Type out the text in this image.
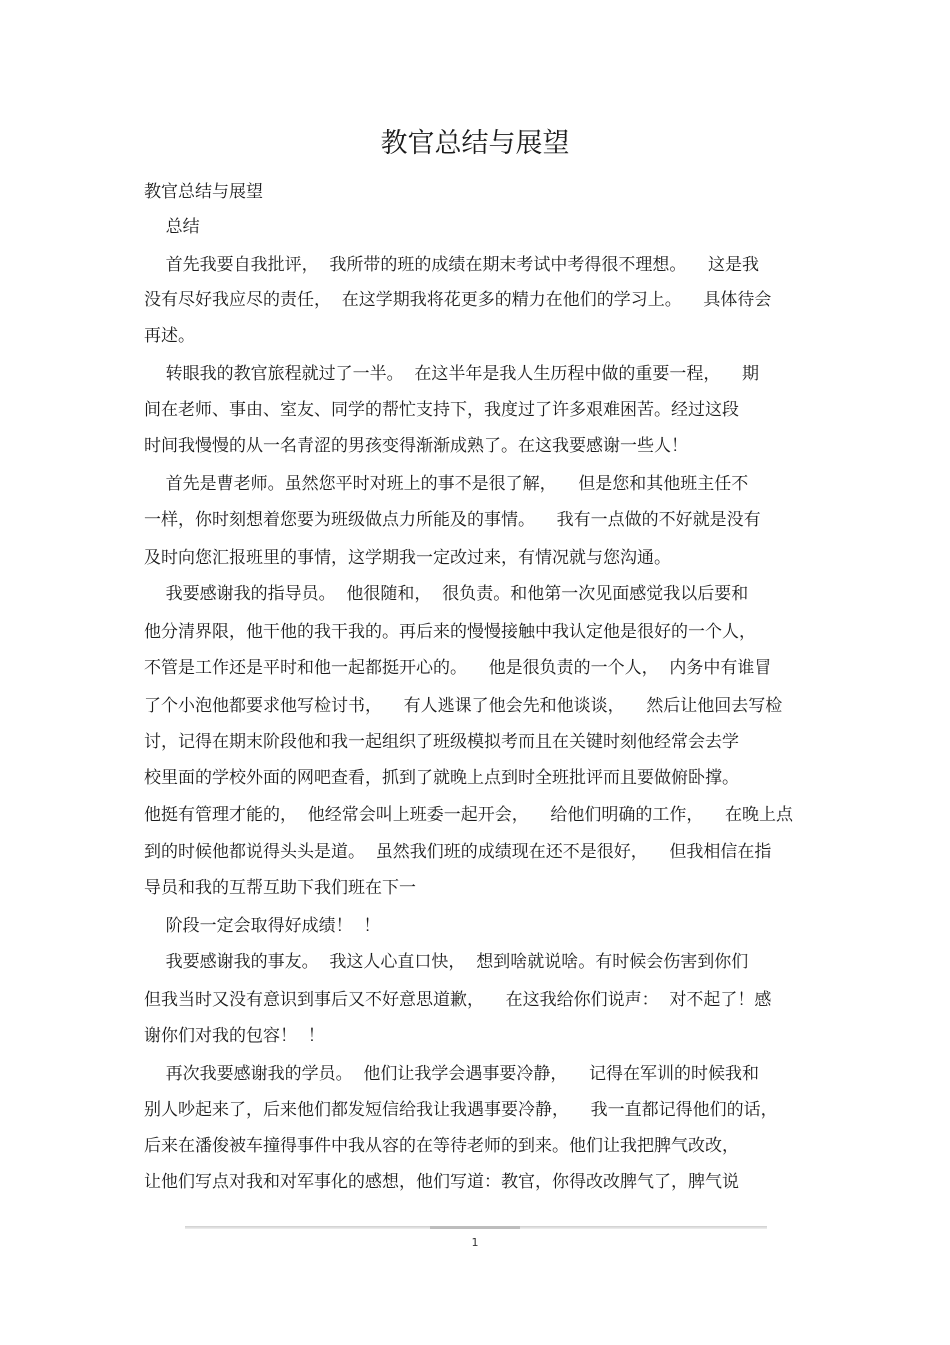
教官总结与展望
教官总结与展望
总结
首先我要自我批评，  我所带的班的成绩在期末考试中考得很不理想。    这是我
没有尽好我应尽的责任，  在这学期我将花更多的精力在他们的学习上。    具体待会
再述。
转眼我的教官旅程就过了一半。  在这半年是我人生历程中做的重要一程，    期
间在老师、事由、室友、同学的帮忙支持下，我度过了许多艰难困苦。经过这段
时间我慢慢的从一名青涩的男孩变得渐渐成熟了。在这我要感谢一些人！
首先是曹老师。虽然您平时对班上的事不是很了解，    但是您和其他班主任不
一样，你时刻想着您要为班级做点力所能及的事情。    我有一点做的不好就是没有
及时向您汇报班里的事情，这学期我一定改过来，有情况就与您沟通。
我要感谢我的指导员。  他很随和，  很负责。和他第一次见面感觉我以后要和
他分清界限，他干他的我干我的。再后来的慢慢接触中我认定他是很好的一个人，
不管是工作还是平时和他一起都挺开心的。    他是很负责的一个人，  内务中有谁冒
了个小泡他都要求他写检讨书，    有人逃课了他会先和他谈谈，    然后让他回去写检
讨，记得在期末阶段他和我一起组织了班级模拟考而且在关键时刻他经常会去学
校里面的学校外面的网吧查看，抓到了就晚上点到时全班批评而且要做俯卧撑。
他挺有管理才能的，  他经常会叫上班委一起开会，    给他们明确的工作，    在晚上点
到的时候他都说得头头是道。  虽然我们班的成绩现在还不是很好，    但我相信在指
导员和我的互帮互助下我们班在下一
阶段一定会取得好成绩！  ！
我要感谢我的事友。  我这人心直口快，  想到啥就说啥。有时候会伤害到你们
但我当时又没有意识到事后又不好意思道歉，    在这我给你们说声：  对不起了！感
谢你们对我的包容！  ！
再次我要感谢我的学员。  他们让我学会遇事要冷静，    记得在军训的时候我和
别人吵起来了，后来他们都发短信给我让我遇事要冷静，    我一直都记得他们的话，
后来在潘俊被车撞得事件中我从容的在等待老师的到来。他们让我把脾气改改，
让他们写点对我和对军事化的感想，他们写道：教官，你得改改脾气了，脾气说
1
